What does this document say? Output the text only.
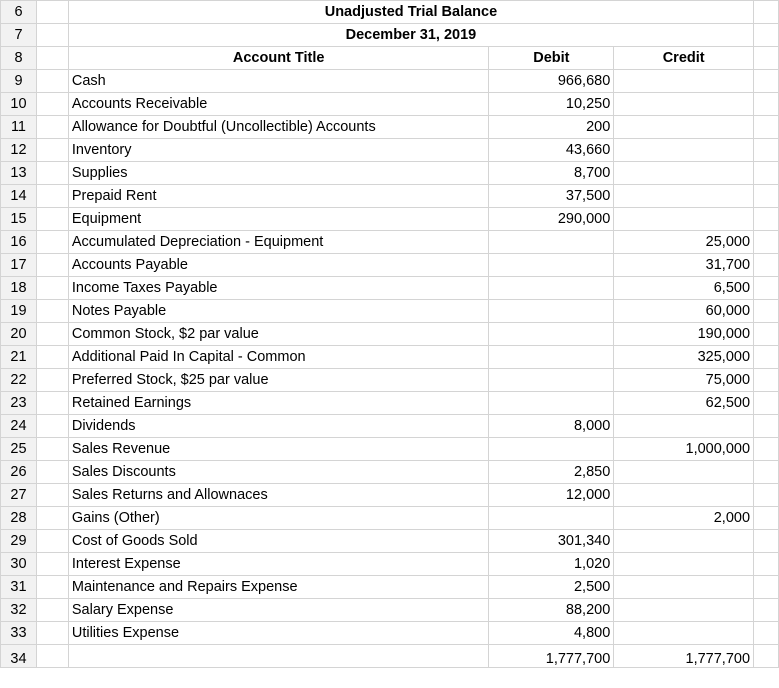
6		Unadjusted Trial Balance			
7		December 31, 2019			
8		Account Title	Debit	Credit	
9		Cash	966,680		
10		Accounts Receivable	10,250		
11		Allowance for Doubtful (Uncollectible) Accounts	200		
12		Inventory	43,660		
13		Supplies	8,700		
14		Prepaid Rent	37,500		
15		Equipment	290,000		
16		Accumulated Depreciation - Equipment		25,000	
17		Accounts Payable		31,700	
18		Income Taxes Payable		6,500	
19		Notes Payable		60,000	
20		Common Stock, $2 par value		190,000	
21		Additional Paid In Capital - Common		325,000	
22		Preferred Stock, $25 par value		75,000	
23		Retained Earnings		62,500	
24		Dividends	8,000		
25		Sales Revenue		1,000,000	
26		Sales Discounts	2,850		
27		Sales Returns and Allownaces	12,000		
28		Gains (Other)		2,000	
29		Cost of Goods Sold	301,340		
30		Interest Expense	1,020		
31		Maintenance and Repairs Expense	2,500		
32		Salary Expense	88,200		
33		Utilities Expense	4,800		
34			1,777,700	1,777,700	
